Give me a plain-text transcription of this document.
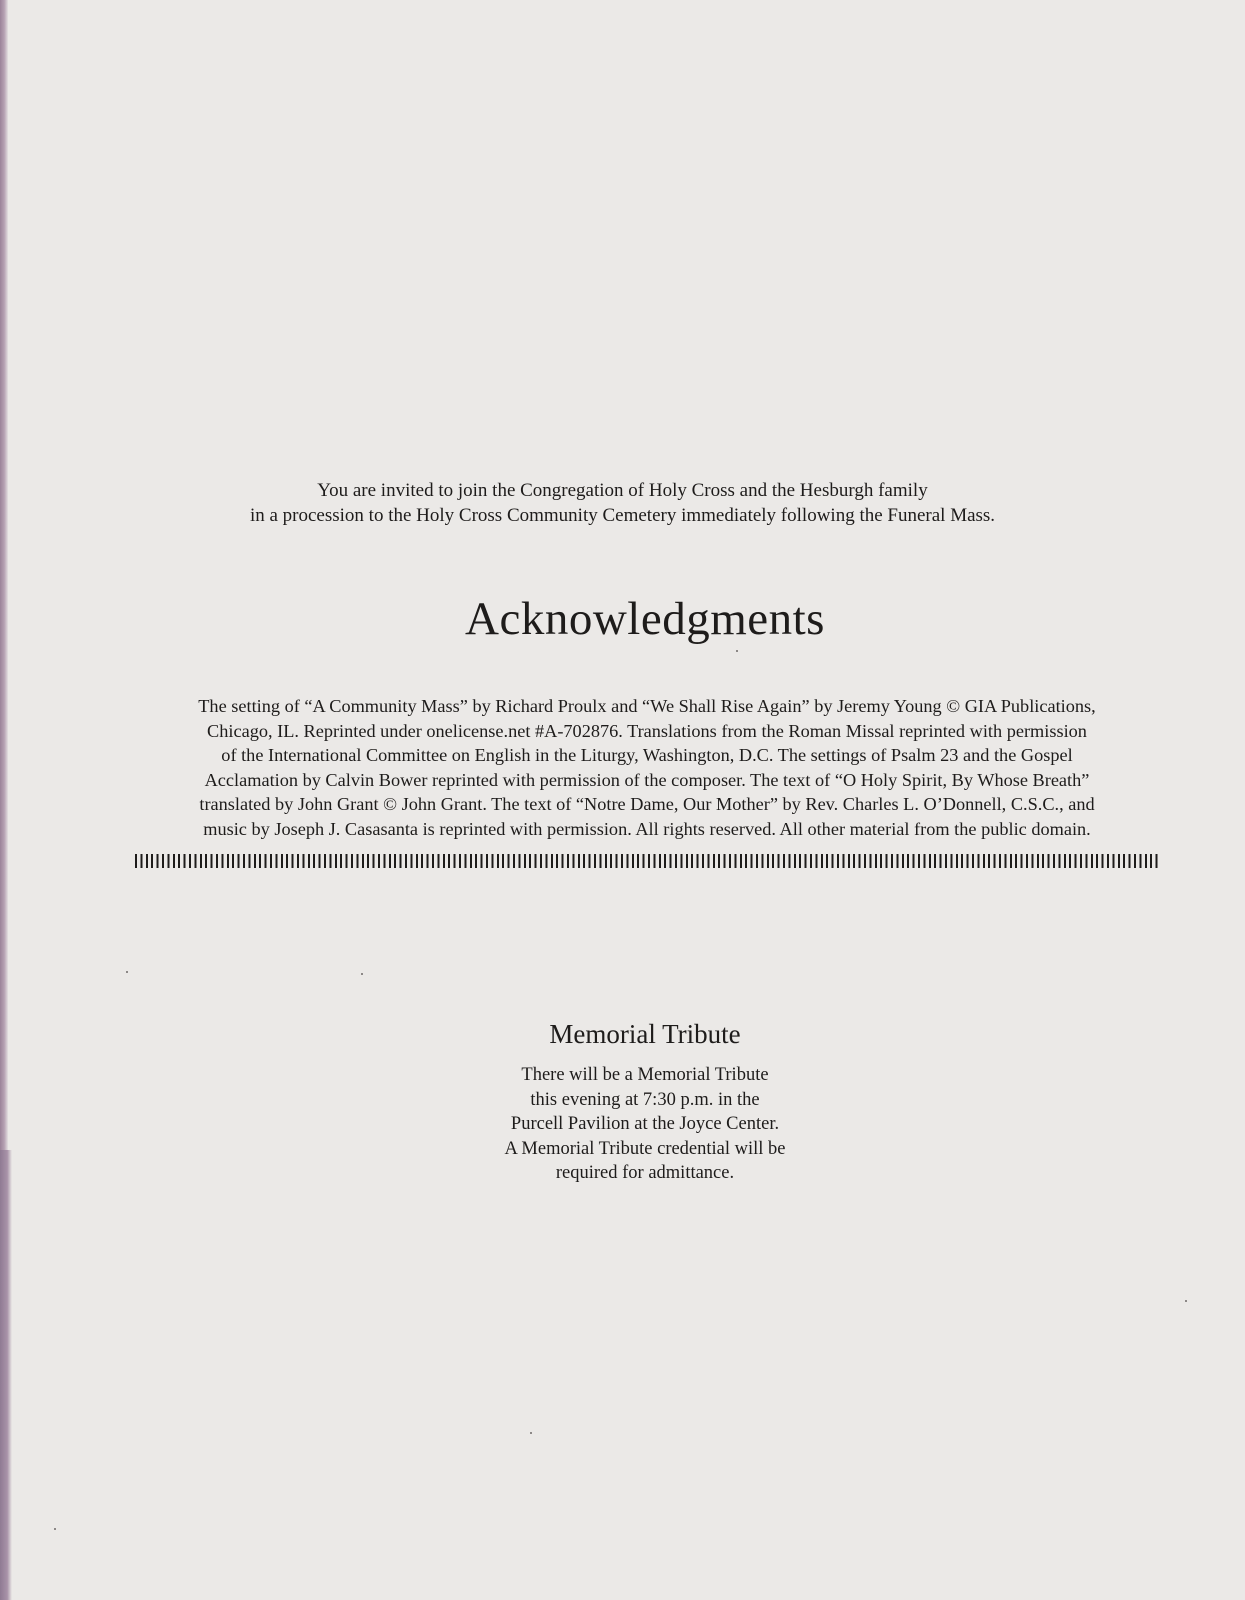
You are invited to join the Congregation of Holy Cross and the Hesburgh family
in a procession to the Holy Cross Community Cemetery immediately following the Funeral Mass.
Acknowledgments
The setting of “A Community Mass” by Richard Proulx and “We Shall Rise Again” by Jeremy Young © GIA Publications,
Chicago, IL. Reprinted under onelicense.net #A-702876. Translations from the Roman Missal reprinted with permission
of the International Committee on English in the Liturgy, Washington, D.C. The settings of Psalm 23 and the Gospel
Acclamation by Calvin Bower reprinted with permission of the composer. The text of “O Holy Spirit, By Whose Breath”
translated by John Grant © John Grant. The text of “Notre Dame, Our Mother” by Rev. Charles L. O’Donnell, C.S.C., and
music by Joseph J. Casasanta is reprinted with permission. All rights reserved. All other material from the public domain.
Memorial Tribute
There will be a Memorial Tribute
this evening at 7:30 p.m. in the
Purcell Pavilion at the Joyce Center.
A Memorial Tribute credential will be
required for admittance.
